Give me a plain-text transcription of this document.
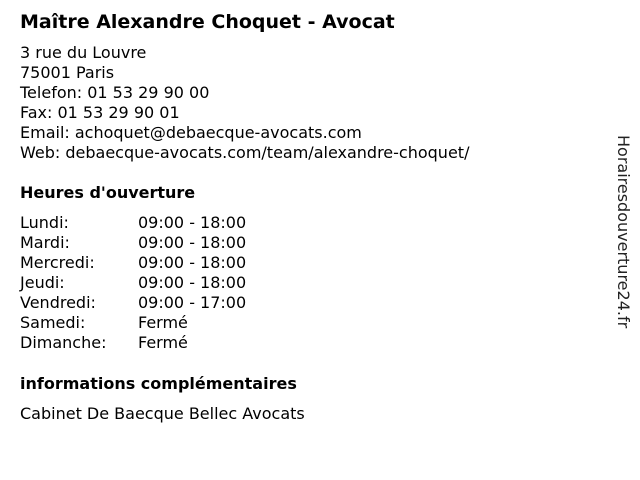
Maître Alexandre Choquet - Avocat
3 rue du Louvre
75001 Paris
Telefon: 01 53 29 90 00
Fax: 01 53 29 90 01
Email: achoquet@debaecque-avocats.com
Web: debaecque-avocats.com/team/alexandre-choquet/
Heures d'ouverture
Lundi:	09:00 - 18:00
Mardi:	09:00 - 18:00
Mercredi:	09:00 - 18:00
Jeudi:	09:00 - 18:00
Vendredi:	09:00 - 17:00
Samedi:	Fermé
Dimanche: Fermé
informations complémentaires
Cabinet De Baecque Bellec Avocats
Horairesdouverture24.fr
